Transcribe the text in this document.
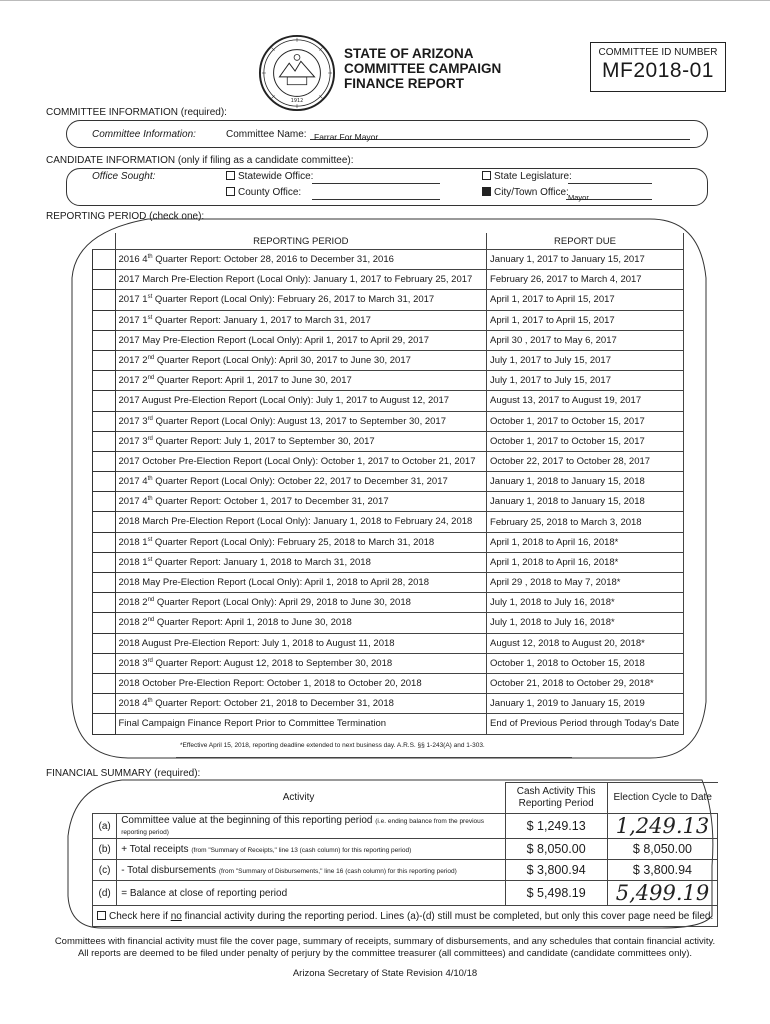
1912
STATE OF ARIZONA
COMMITTEE CAMPAIGN
FINANCE REPORT
COMMITTEE ID NUMBER
MF2018-01
COMMITTEE INFORMATION (required):
Committee Information:	Committee Name: Farrar For Mayor
CANDIDATE INFORMATION (only if filing as a candidate committee):
Office Sought:	Statewide Office:
County Office:
State Legislature:
City/Town Office: Mayor
REPORTING PERIOD (check one):
	REPORTING PERIOD	REPORT DUE
	2016 4th Quarter Report: October 28, 2016 to December 31, 2016	January 1, 2017 to January 15, 2017
	2017 March Pre-Election Report (Local Only): January 1, 2017 to February 25, 2017	February 26, 2017 to March 4, 2017
	2017 1st Quarter Report (Local Only): February 26, 2017 to March 31, 2017	April 1, 2017 to April 15, 2017
	2017 1st Quarter Report: January 1, 2017 to March 31, 2017	April 1, 2017 to April 15, 2017
	2017 May Pre-Election Report (Local Only): April 1, 2017 to April 29, 2017	April 30 , 2017 to May 6, 2017
	2017 2nd Quarter Report (Local Only): April 30, 2017 to June 30, 2017	July 1, 2017 to July 15, 2017
	2017 2nd Quarter Report: April 1, 2017 to June 30, 2017	July 1, 2017 to July 15, 2017
	2017 August Pre-Election Report (Local Only): July 1, 2017 to August 12, 2017	August 13, 2017 to August 19, 2017
	2017 3rd Quarter Report (Local Only): August 13, 2017 to September 30, 2017	October 1, 2017 to October 15, 2017
	2017 3rd Quarter Report: July 1, 2017 to September 30, 2017	October 1, 2017 to October 15, 2017
	2017 October Pre-Election Report (Local Only): October 1, 2017 to October 21, 2017	October 22, 2017 to October 28, 2017
	2017 4th Quarter Report (Local Only): October 22, 2017 to December 31, 2017	January 1, 2018 to January 15, 2018
	2017 4th Quarter Report: October 1, 2017 to December 31, 2017	January 1, 2018 to January 15, 2018
	2018 March Pre-Election Report (Local Only): January 1, 2018 to February 24, 2018	February 25, 2018 to March 3, 2018
	2018 1st Quarter Report (Local Only): February 25, 2018 to March 31, 2018	April 1, 2018 to April 16, 2018*
	2018 1st Quarter Report: January 1, 2018 to March 31, 2018	April 1, 2018 to April 16, 2018*
	2018 May Pre-Election Report (Local Only): April 1, 2018 to April 28, 2018	April 29 , 2018 to May 7, 2018*
	2018 2nd Quarter Report (Local Only): April 29, 2018 to June 30, 2018	July 1, 2018 to July 16, 2018*
	2018 2nd Quarter Report: April 1, 2018 to June 30, 2018	July 1, 2018 to July 16, 2018*
	2018 August Pre-Election Report: July 1, 2018 to August 11, 2018	August 12, 2018 to August 20, 2018*
	2018 3rd Quarter Report: August 12, 2018 to September 30, 2018	October 1, 2018 to October 15, 2018
	2018 October Pre-Election Report: October 1, 2018 to October 20, 2018	October 21, 2018 to October 29, 2018*
	2018 4th Quarter Report: October 21, 2018 to December 31, 2018	January 1, 2019 to January 15, 2019
	Final Campaign Finance Report Prior to Committee Termination	End of Previous Period through Today's Date
*Effective April 15, 2018, reporting deadline extended to next business day. A.R.S. §§ 1-243(A) and 1-303.
FINANCIAL SUMMARY (required):
Activity		Cash Activity This Reporting Period	Election Cycle to Date
(a)	Committee value at the beginning of this reporting period (i.e. ending balance from the previous reporting period)	$ 1,249.13	1,249.13
(b)	+ Total receipts (from "Summary of Receipts," line 13 (cash column) for this reporting period)	$ 8,050.00	$ 8,050.00
(c)	- Total disbursements (from "Summary of Disbursements," line 16 (cash column) for this reporting period)	$ 3,800.94	$ 3,800.94
(d)	= Balance at close of reporting period	$ 5,498.19	5,499.19
Check here if no financial activity during the reporting period. Lines (a)-(d) still must be completed, but only this cover page need be filed.			
Committees with financial activity must file the cover page, summary of receipts, summary of disbursements, and any schedules that contain financial activity.
All reports are deemed to be filed under penalty of perjury by the committee treasurer (all committees) and candidate (candidate committees only).
Arizona Secretary of State Revision 4/10/18
